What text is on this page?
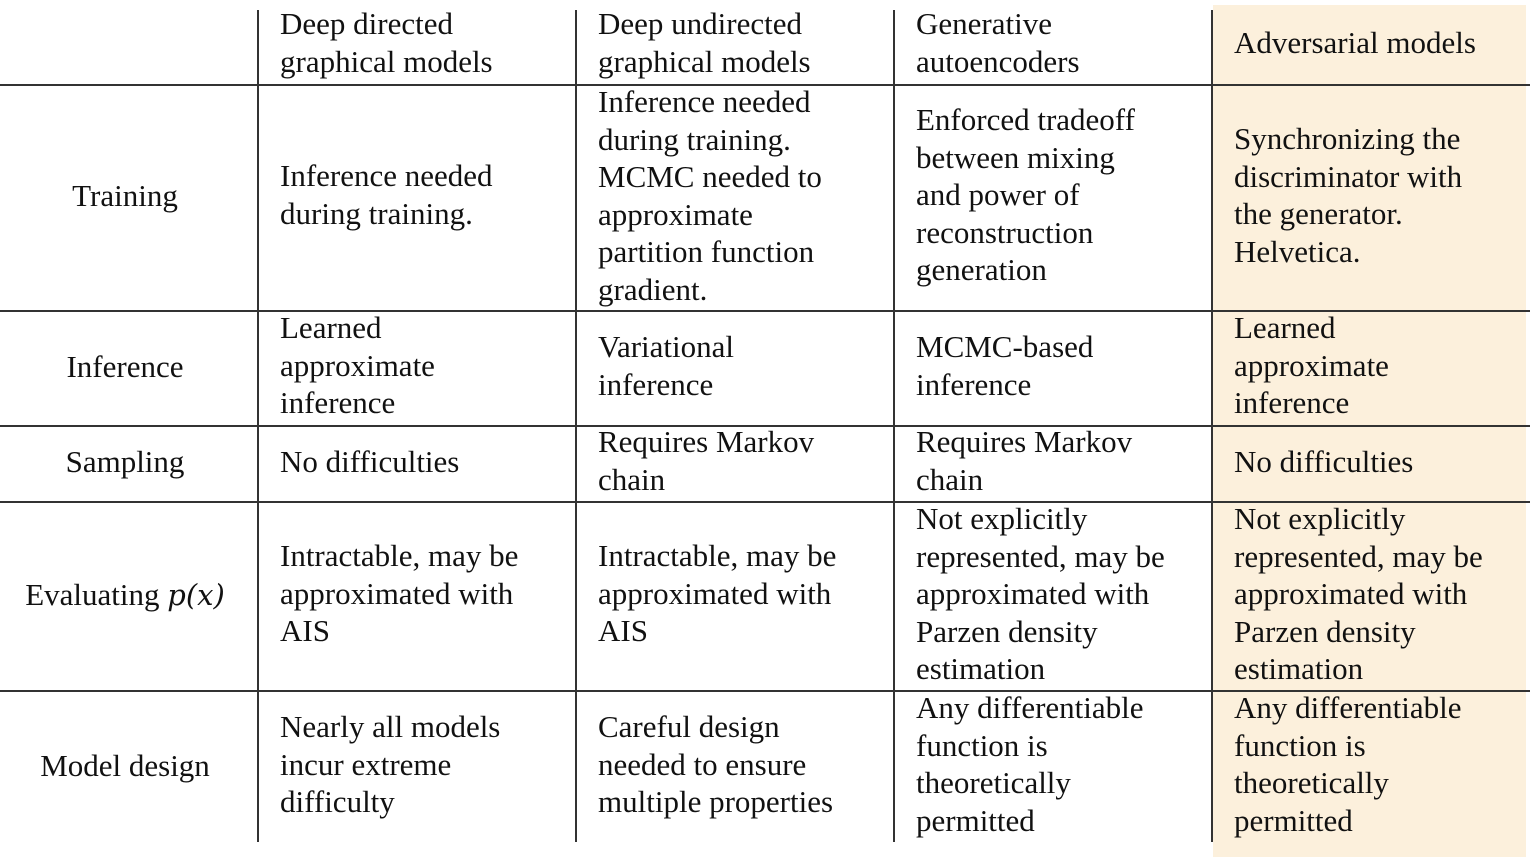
Deep directed
graphical models
Deep undirected
graphical models
Generative
autoencoders
Adversarial models
Training
Inference needed
during training.
Inference needed
during training.
MCMC needed to
approximate
partition function
gradient.
Enforced tradeoff
between mixing
and power of
reconstruction
generation
Synchronizing the
discriminator with
the generator.
Helvetica.
Inference
Learned
approximate
inference
Variational
inference
MCMC-based
inference
Learned
approximate
inference
Sampling	No difficulties
Requires Markov
chain
Requires Markov
chain	No difficulties
Evaluating p(x)
Intractable, may be
approximated with
AIS
Intractable, may be
approximated with
AIS
Not explicitly
represented, may be
approximated with
Parzen density
estimation
Not explicitly
represented, may be
approximated with
Parzen density
estimation
Model design
Nearly all models
incur extreme
difficulty
Careful design
needed to ensure
multiple properties
Any differentiable
function is
theoretically
permitted
Any differentiable
function is
theoretically
permitted
